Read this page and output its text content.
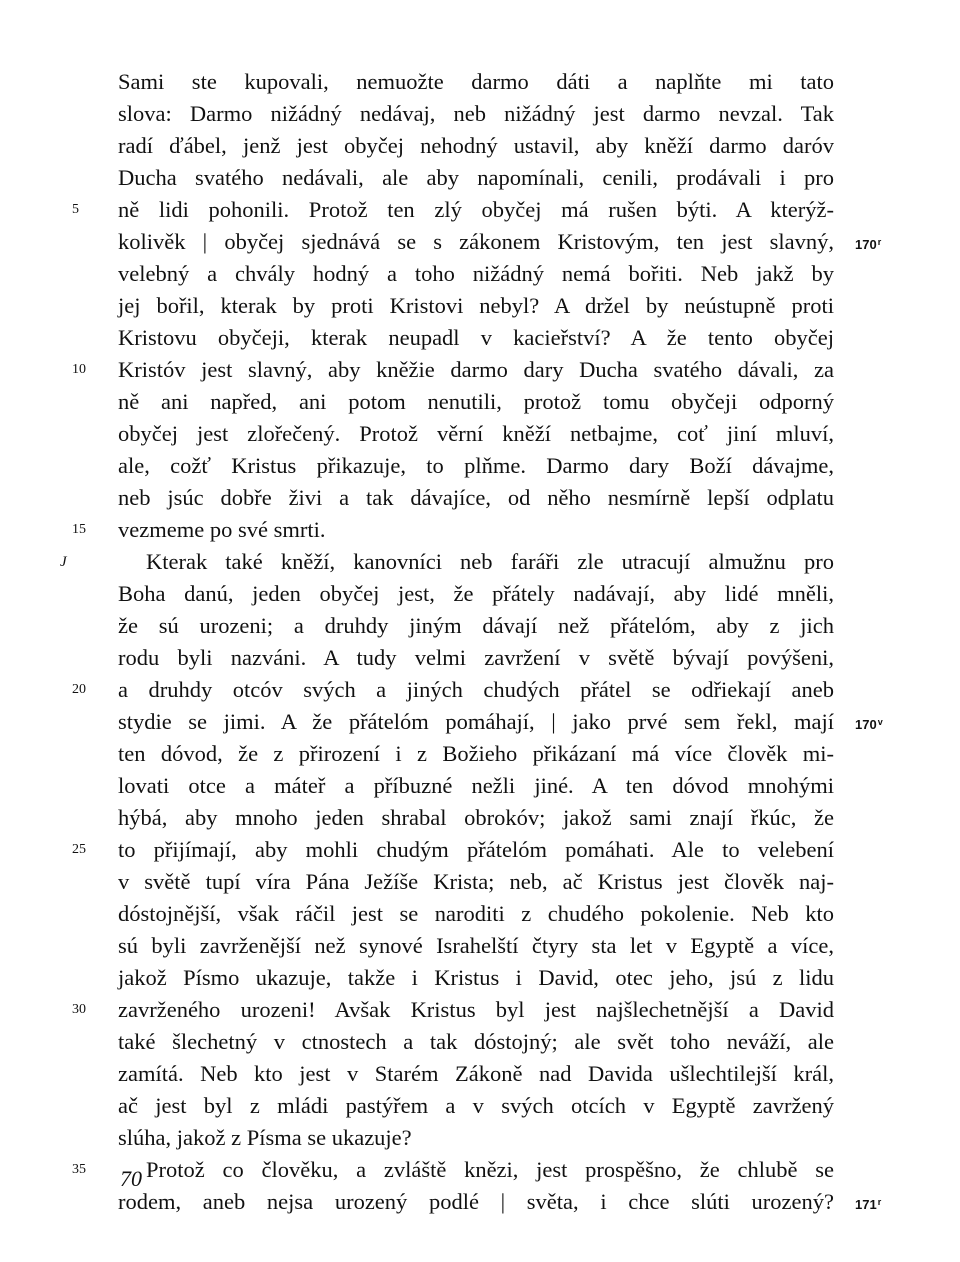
Sami ste kupovali, nemuožte darmo dáti a naplňte mi tato
slova: Darmo nižádný nedávaj, neb nižádný jest darmo nevzal. Tak
radí ďábel, jenž jest obyčej nehodný ustavil, aby kněží darmo daróv
Ducha svatého nedávali, ale aby napomínali, cenili, prodávali i pro
ně lidi pohonili. Protož ten zlý obyčej má rušen býti. A kterýž-
kolivěk | obyčej sjednává se s zákonem Kristovým, ten jest slavný,
velebný a chvály hodný a toho nižádný nemá bořiti. Neb jakž by
jej bořil, kterak by proti Kristovi nebyl? A držel by neústupně proti
Kristovu obyčeji, kterak neupadl v kacieřství? A že tento obyčej
Kristóv jest slavný, aby kněžie darmo dary Ducha svatého dávali, za
ně ani napřed, ani potom nenutili, protož tomu obyčeji odporný
obyčej jest zlořečený. Protož věrní kněží netbajme, coť jiní mluví,
ale, cožť Kristus přikazuje, to plňme. Darmo dary Boží dávajme,
neb jsúc dobře živi a tak dávajíce, od něho nesmírně lepší odplatu
vezmeme po své smrti.
Kterak také kněží, kanovníci neb faráři zle utracují almužnu pro
Boha danú, jeden obyčej jest, že přátely nadávají, aby lidé mněli,
že sú urozeni; a druhdy jiným dávají než přátelóm, aby z jich
rodu byli nazváni. A tudy velmi zavržení v světě bývají povýšeni,
a druhdy otcóv svých a jiných chudých přátel se odřiekají aneb
stydie se jimi. A že přátelóm pomáhají, | jako prvé sem řekl, mají
ten dóvod, že z přirození i z Božieho přikázaní má více člověk mi-
lovati otce a máteř a příbuzné nežli jiné. A ten dóvod mnohými
hýbá, aby mnoho jeden shrabal obrokóv; jakož sami znají řkúc, že
to přijímají, aby mohli chudým přátelóm pomáhati. Ale to velebení
v světě tupí víra Pána Ježíše Krista; neb, ač Kristus jest člověk naj-
dóstojnější, však ráčil jest se naroditi z chudého pokolenie. Neb kto
sú byli zavrženější než synové Israhelští čtyry sta let v Egyptě a více,
jakož Písmo ukazuje, takže i Kristus i David, otec jeho, jsú z lidu
zavrženého urozeni! Avšak Kristus byl jest najšlechetnější a David
také šlechetný v ctnostech a tak dóstojný; ale svět toho neváží, ale
zamítá. Neb kto jest v Starém Zákoně nad Davida ušlechtilejší král,
ač jest byl z mládi pastýřem a v svých otcích v Egyptě zavržený
slúha, jakož z Písma se ukazuje?
Protož co člověku, a zvláště knězi, jest prospěšno, že chlubě se
rodem, aneb nejsa urozený podlé | světa, i chce slúti urozený?
5
10
15
20
25
30
35
J
170$^r$
170$^v$
171$^r$
70
